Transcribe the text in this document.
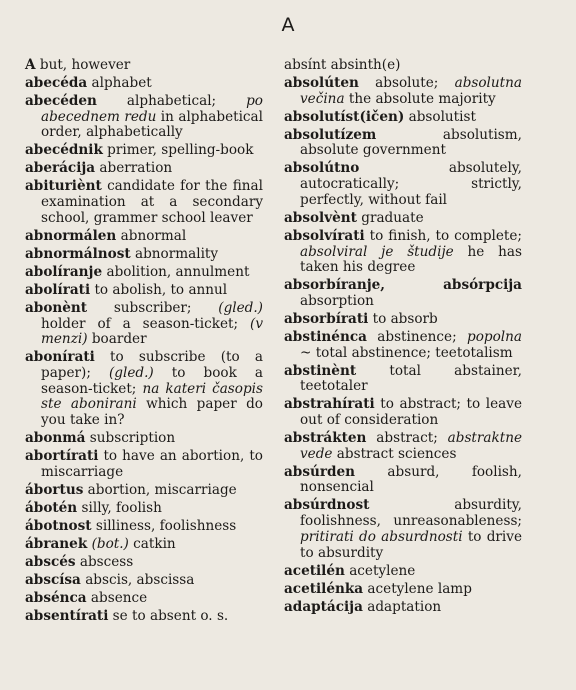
A
A but, however
abecéda alphabet
abecéden alphabetical; po abecednem redu in alphabetical order, alphabetically
abecédnik primer, spelling-book
aberácija aberration
abituriènt candidate for the final examination at a secondary school, grammer school leaver
abnormálen abnormal
abnormálnost abnormality
abolíranje abolition, annulment
abolírati to abolish, to annul
abonènt subscriber; (gled.) holder of a season-ticket; (v menzi) boarder
abonírati to subscribe (to a paper); (gled.) to book a season-ticket; na kateri časopis ste abonirani which paper do you take in?
abonmá subscription
abortírati to have an abortion, to miscarriage
ábortus abortion, miscarriage
ábotén silly, foolish
ábotnost silliness, foolishness
ábranek (bot.) catkin
abscés abscess
abscísa abscis, abscissa
abséncа absence
absentírati se to absent o. s.
absínt absinth(e)
absolúten absolute; absolutna večina the absolute majority
absolutíst(ičen) absolutist
absolutízem absolutism, absolute government
absolútno absolutely, autocratically; strictly, perfectly, without fail
absolvènt graduate
absolvírati to finish, to complete; absolviral je študije he has taken his degree
absorbíranje, absórpcija absorption
absorbírati to absorb
abstinénca abstinence; popolna ~ total abstinence; teetotalism
abstinènt total abstainer, teetotaler
abstrahírati to abstract; to leave out of consideration
abstrákten abstract; abstraktne vede abstract sciences
absúrden absurd, foolish, nonsencial
absúrdnost absurdity, foolishness, unreasonableness; pritirati do absurdnosti to drive to absurdity
acetilén acetylene
acetilénka acetylene lamp
adaptácija adaptation
